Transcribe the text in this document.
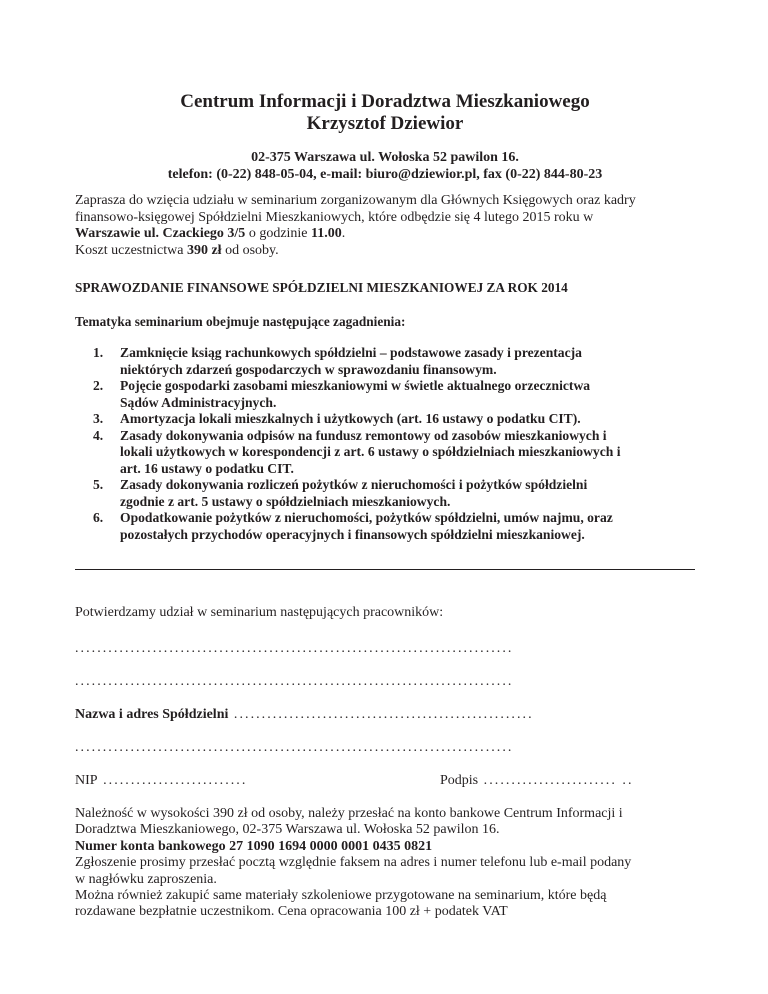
Centrum Informacji i Doradztwa Mieszkaniowego
Krzysztof Dziewior
02-375 Warszawa ul. Wołoska 52 pawilon 16.
telefon: (0-22) 848-05-04, e-mail: biuro@dziewior.pl, fax (0-22) 844-80-23
Zaprasza do wzięcia udziału w seminarium zorganizowanym dla Głównych Księgowych oraz kadry
finansowo-księgowej Spółdzielni Mieszkaniowych, które odbędzie się 4 lutego 2015 roku w
Warszawie ul. Czackiego 3/5 o godzinie 11.00.
Koszt uczestnictwa 390 zł od osoby.
SPRAWOZDANIE FINANSOWE SPÓŁDZIELNI MIESZKANIOWEJ ZA ROK 2014
Tematyka seminarium obejmuje następujące zagadnienia:
1. Zamknięcie ksiąg rachunkowych spółdzielni – podstawowe zasady i prezentacja
niektórych zdarzeń gospodarczych w sprawozdaniu finansowym.
2. Pojęcie gospodarki zasobami mieszkaniowymi w świetle aktualnego orzecznictwa
Sądów Administracyjnych.
3. Amortyzacja lokali mieszkalnych i użytkowych (art. 16 ustawy o podatku CIT).
4. Zasady dokonywania odpisów na fundusz remontowy od zasobów mieszkaniowych i
lokali użytkowych w korespondencji z art. 6 ustawy o spółdzielniach mieszkaniowych i
art. 16 ustawy o podatku CIT.
5. Zasady dokonywania rozliczeń pożytków z nieruchomości i pożytków spółdzielni
zgodnie z art. 5 ustawy o spółdzielniach mieszkaniowych.
6. Opodatkowanie pożytków z nieruchomości, pożytków spółdzielni, umów najmu, oraz
pozostałych przychodów operacyjnych i finansowych spółdzielni mieszkaniowej.
Potwierdzamy udział w seminarium następujących pracowników:
...............................................................................
...............................................................................
Nazwa i adres Spółdzielni ......................................................
...............................................................................
NIP ..........................	Podpis ........................ ..
Należność w wysokości 390 zł od osoby, należy przesłać na konto bankowe Centrum Informacji i
Doradztwa Mieszkaniowego, 02-375 Warszawa ul. Wołoska 52 pawilon 16.
Numer konta bankowego 27 1090 1694 0000 0001 0435 0821
Zgłoszenie prosimy przesłać pocztą względnie faksem na adres i numer telefonu lub e-mail podany
w nagłówku zaproszenia.
Można również zakupić same materiały szkoleniowe przygotowane na seminarium, które będą
rozdawane bezpłatnie uczestnikom. Cena opracowania 100 zł + podatek VAT
